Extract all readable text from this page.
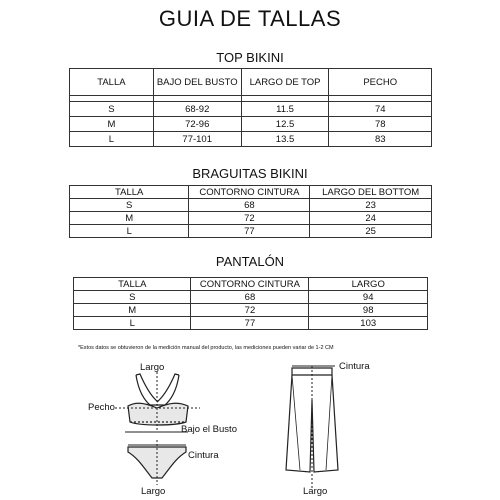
GUIA DE TALLAS
TOP BIKINI
TALLA	BAJO DEL BUSTO	LARGO DE TOP	PECHO

S	68-92	11.5	74
M	72-96	12.5	78
L	77-101	13.5	83
BRAGUITAS BIKINI
TALLA	CONTORNO CINTURA	LARGO DEL BOTTOM
S	68	23
M	72	24
L	77	25
PANTALÓN
TALLA	CONTORNO CINTURA	LARGO
S	68	94
M	72	98
L	77	103
*Estos datos se obtuvieron de la medición manual del producto, las mediciones pueden variar de 1-2 CM
Largo
Pecho
Bajo el Busto
Cintura
Largo
Cintura
Largo
